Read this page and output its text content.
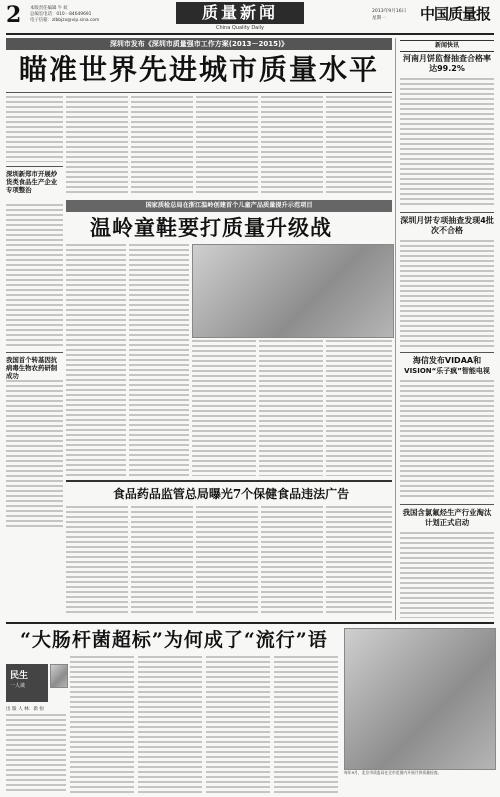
2 本版责任编辑 牛 虹
总编室电话：010－84649691
电子信箱：zlbbjzx@vip.sina.com	质量新闻
China Quality Daily
2013年9月16日
星期一 中国质量报
深圳市发布《深圳市质量强市工作方案(2013－2015)》
瞄准世界先进城市质量水平
深圳新郑市开展炒货类食品生产企业专项整治
我国首个转基因抗病毒生物农药研制成功
国家质检总局在浙江温岭创建首个儿童产品质量提升示范项目
温岭童鞋要打质量升级战
新闻快讯
河南月饼监督抽查合格率达99.2%
深圳月饼专项抽查发现4批次不合格
海信发布VIDAA和
VISION“乐子疯”智能电视
我国含氯氟烃生产行业淘汰计划正式启动
食品药品监管总局曝光7个保健食品违法广告
“大肠杆菌超标”为何成了“流行”语
民生
一人谈
出 版 人 林：新 恒
每年9月，北京市质监局在全市范围内开展月饼质量检查。
